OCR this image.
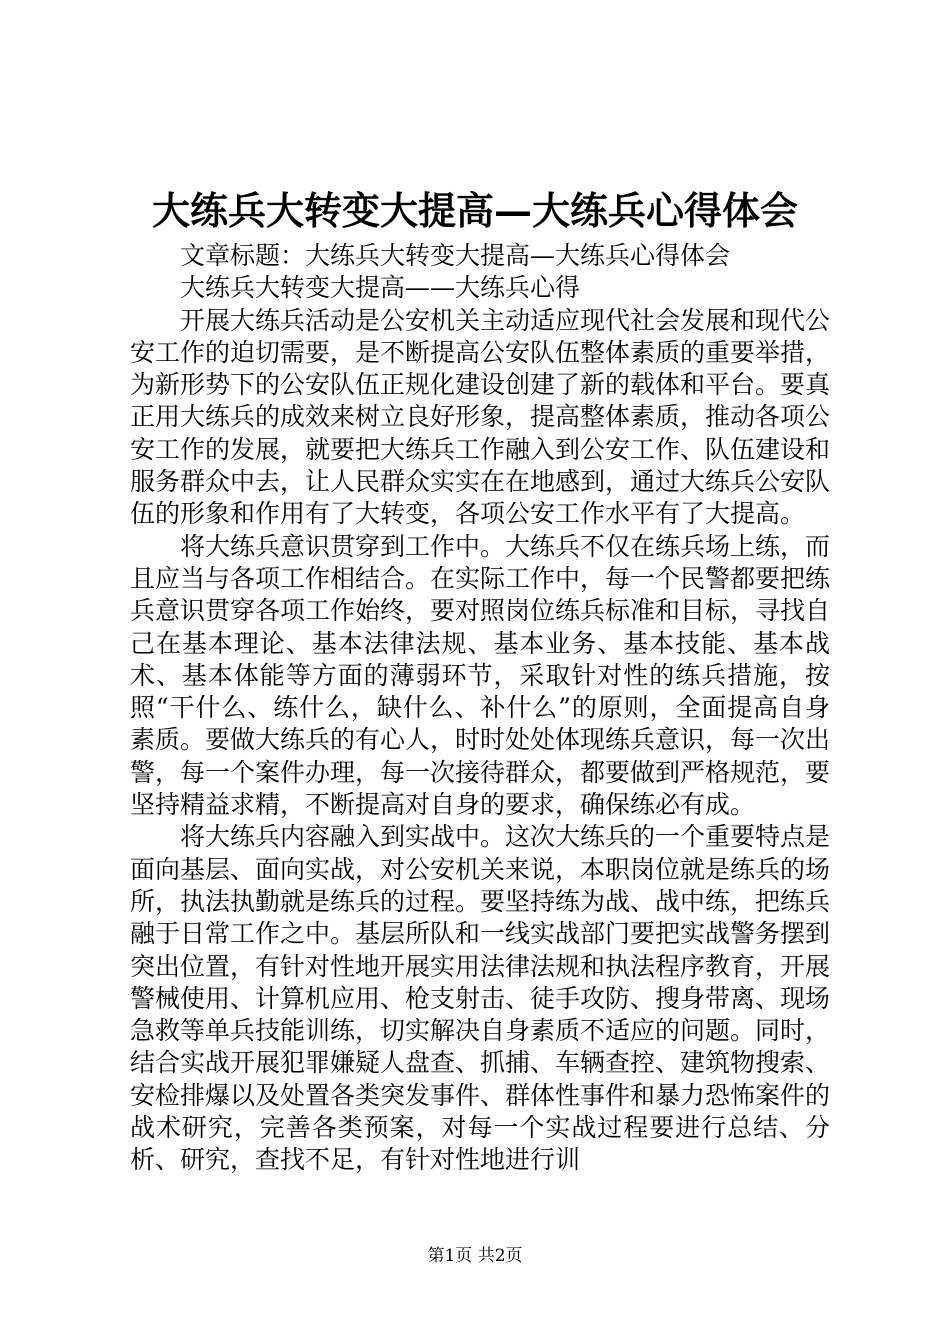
大练兵大转变大提高—大练兵心得体会

文章标题：大练兵大转变大提高—大练兵心得体会

大练兵大转变大提高——大练兵心得

开展大练兵活动是公安机关主动适应现代社会发展和现代公安工作的迫切需要，是不断提高公安队伍整体素质的重要举措，为新形势下的公安队伍正规化建设创建了新的载体和平台。要真正用大练兵的成效来树立良好形象，提高整体素质，推动各项公安工作的发展，就要把大练兵工作融入到公安工作、队伍建设和服务群众中去，让人民群众实实在在地感到，通过大练兵公安队伍的形象和作用有了大转变，各项公安工作水平有了大提高。

将大练兵意识贯穿到工作中。大练兵不仅在练兵场上练，而且应当与各项工作相结合。在实际工作中，每一个民警都要把练兵意识贯穿各项工作始终，要对照岗位练兵标准和目标，寻找自己在基本理论、基本法律法规、基本业务、基本技能、基本战术、基本体能等方面的薄弱环节，采取针对性的练兵措施，按照“干什么、练什么，缺什么、补什么”的原则，全面提高自身素质。要做大练兵的有心人，时时处处体现练兵意识，每一次出警，每一个案件办理，每一次接待群众，都要做到严格规范，要坚持精益求精，不断提高对自身的要求，确保练必有成。

将大练兵内容融入到实战中。这次大练兵的一个重要特点是面向基层、面向实战，对公安机关来说，本职岗位就是练兵的场所，执法执勤就是练兵的过程。要坚持练为战、战中练，把练兵融于日常工作之中。基层所队和一线实战部门要把实战警务摆到突出位置，有针对性地开展实用法律法规和执法程序教育，开展警械使用、计算机应用、枪支射击、徒手攻防、搜身带离、现场急救等单兵技能训练，切实解决自身素质不适应的问题。同时，结合实战开展犯罪嫌疑人盘查、抓捕、车辆查控、建筑物搜索、安检排爆以及处置各类突发事件、群体性事件和暴力恐怖案件的战术研究，完善各类预案，对每一个实战过程要进行总结、分析、研究，查找不足，有针对性地进行训

第1页 共2页
